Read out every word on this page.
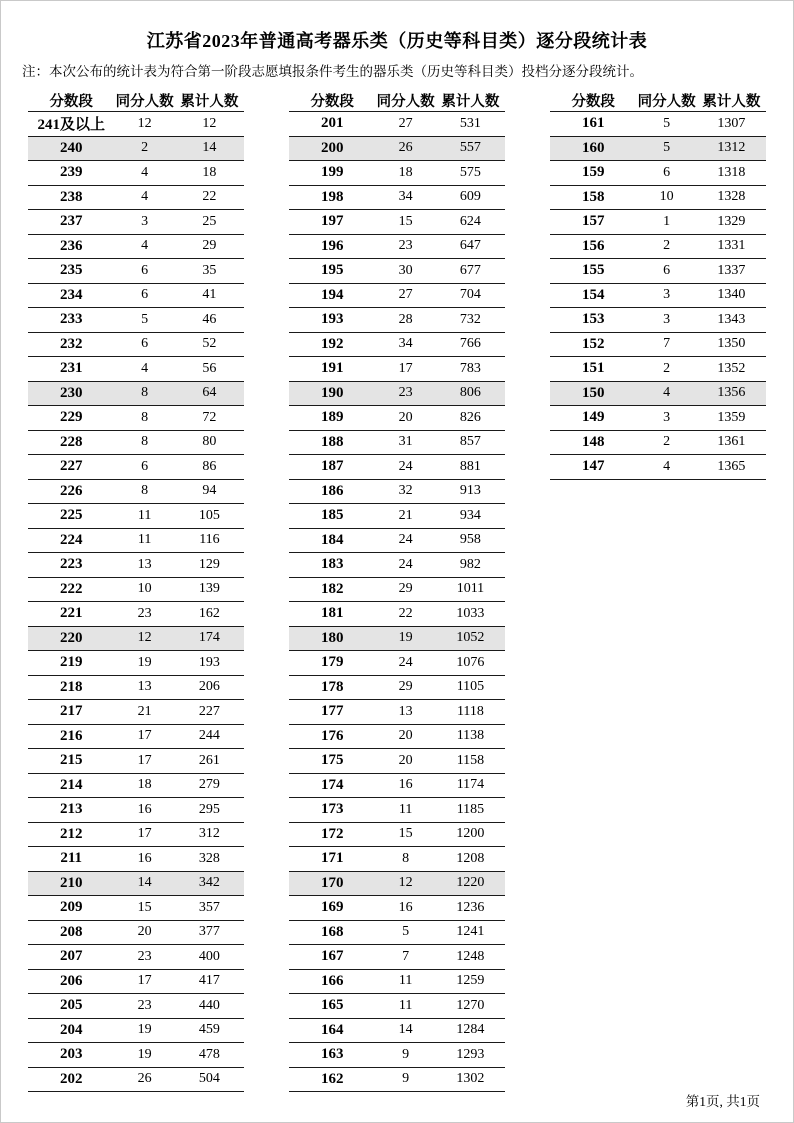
江苏省2023年普通高考器乐类（历史等科目类）逐分段统计表
注：本次公布的统计表为符合第一阶段志愿填报条件考生的器乐类（历史等科目类）投档分逐分段统计。
分数段	同分人数	累计人数
241及以上	12	12
240	2	14
239	4	18
238	4	22
237	3	25
236	4	29
235	6	35
234	6	41
233	5	46
232	6	52
231	4	56
230	8	64
229	8	72
228	8	80
227	6	86
226	8	94
225	11	105
224	11	116
223	13	129
222	10	139
221	23	162
220	12	174
219	19	193
218	13	206
217	21	227
216	17	244
215	17	261
214	18	279
213	16	295
212	17	312
211	16	328
210	14	342
209	15	357
208	20	377
207	23	400
206	17	417
205	23	440
204	19	459
203	19	478
202	26	504
分数段	同分人数	累计人数
201	27	531
200	26	557
199	18	575
198	34	609
197	15	624
196	23	647
195	30	677
194	27	704
193	28	732
192	34	766
191	17	783
190	23	806
189	20	826
188	31	857
187	24	881
186	32	913
185	21	934
184	24	958
183	24	982
182	29	1011
181	22	1033
180	19	1052
179	24	1076
178	29	1105
177	13	1118
176	20	1138
175	20	1158
174	16	1174
173	11	1185
172	15	1200
171	8	1208
170	12	1220
169	16	1236
168	5	1241
167	7	1248
166	11	1259
165	11	1270
164	14	1284
163	9	1293
162	9	1302
分数段	同分人数	累计人数
161	5	1307
160	5	1312
159	6	1318
158	10	1328
157	1	1329
156	2	1331
155	6	1337
154	3	1340
153	3	1343
152	7	1350
151	2	1352
150	4	1356
149	3	1359
148	2	1361
147	4	1365
第1页, 共1页
